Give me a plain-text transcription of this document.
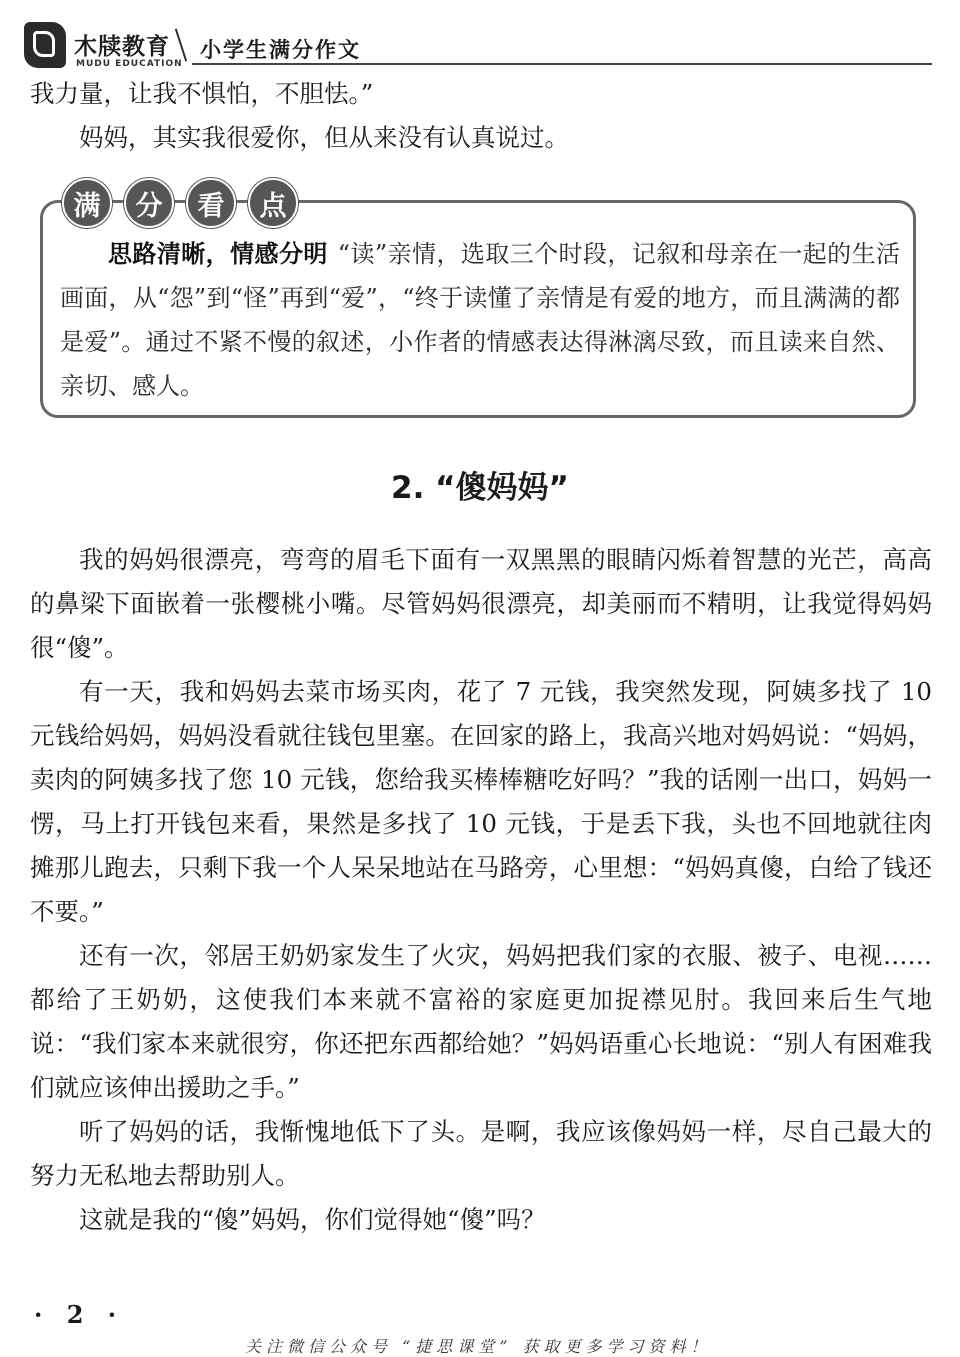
木牍教育
MUDU EDUCATION
小学生满分作文

我力量，让我不惧怕，不胆怯。”

妈妈，其实我很爱你，但从来没有认真说过。

满	分	看	点

思路清晰，情感分明 “读”亲情，选取三个时段，记叙和母亲在一起的生活画面，从“怨”到“怪”再到“爱”，“终于读懂了亲情是有爱的地方，而且满满的都是爱”。通过不紧不慢的叙述，小作者的情感表达得淋漓尽致，而且读来自然、亲切、感人。

2. “傻妈妈”

我的妈妈很漂亮，弯弯的眉毛下面有一双黑黑的眼睛闪烁着智慧的光芒，高高的鼻梁下面嵌着一张樱桃小嘴。尽管妈妈很漂亮，却美丽而不精明，让我觉得妈妈很“傻”。

有一天，我和妈妈去菜市场买肉，花了 7 元钱，我突然发现，阿姨多找了 10 元钱给妈妈，妈妈没看就往钱包里塞。在回家的路上，我高兴地对妈妈说：“妈妈，卖肉的阿姨多找了您 10 元钱，您给我买棒棒糖吃好吗？”我的话刚一出口，妈妈一愣，马上打开钱包来看，果然是多找了 10 元钱，于是丢下我，头也不回地就往肉摊那儿跑去，只剩下我一个人呆呆地站在马路旁，心里想：“妈妈真傻，白给了钱还不要。”

还有一次，邻居王奶奶家发生了火灾，妈妈把我们家的衣服、被子、电视……都给了王奶奶，这使我们本来就不富裕的家庭更加捉襟见肘。我回来后生气地说：“我们家本来就很穷，你还把东西都给她？”妈妈语重心长地说：“别人有困难我们就应该伸出援助之手。”

听了妈妈的话，我惭愧地低下了头。是啊，我应该像妈妈一样，尽自己最大的努力无私地去帮助别人。

这就是我的“傻”妈妈，你们觉得她“傻”吗？

· 2 ·
关注微信公众号 “捷思课堂” 获取更多学习资料！
